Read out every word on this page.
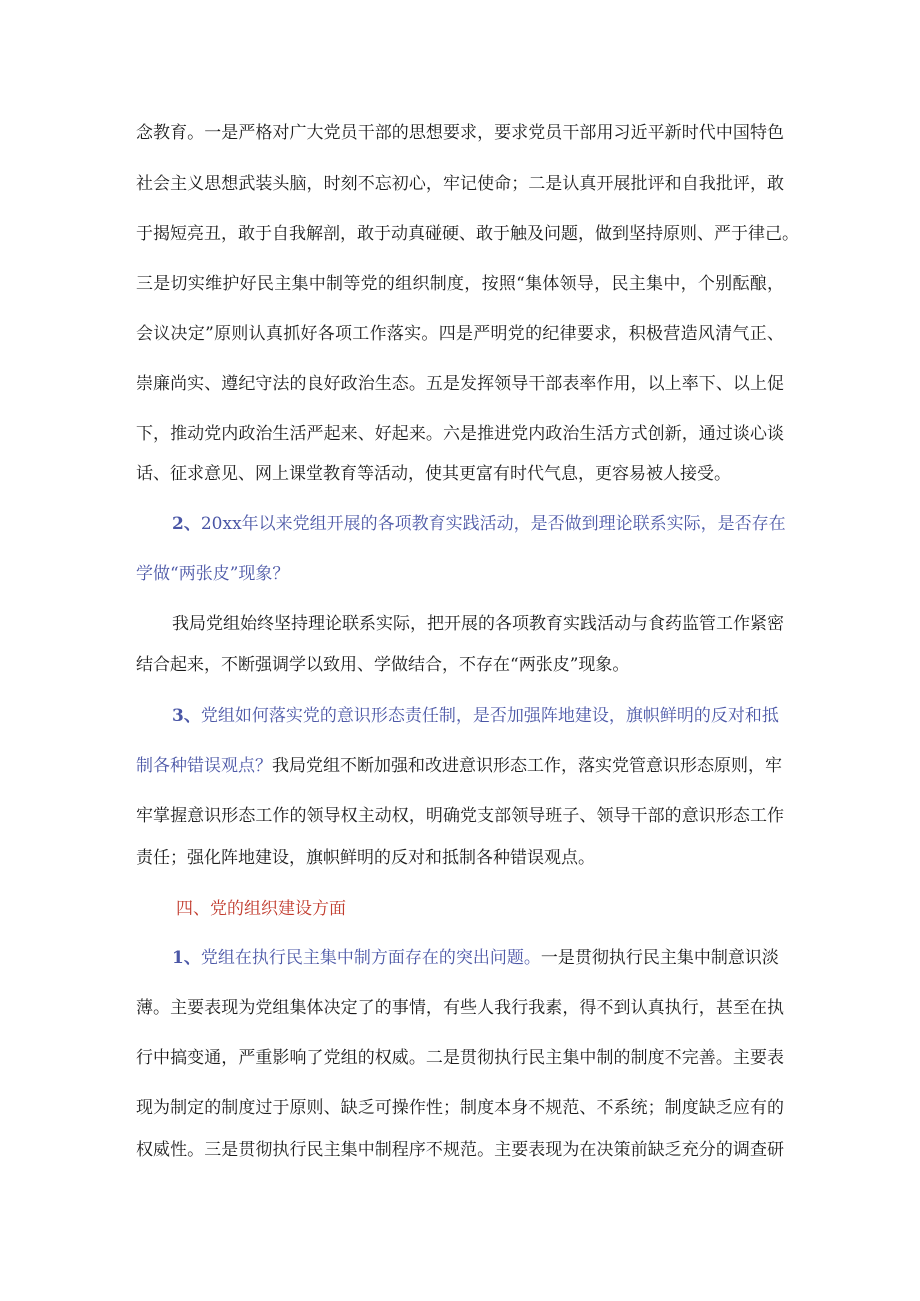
念教育。一是严格对广大党员干部的思想要求，要求党员干部用习近平新时代中国特色
社会主义思想武装头脑，时刻不忘初心，牢记使命；二是认真开展批评和自我批评，敢
于揭短亮丑，敢于自我解剖，敢于动真碰硬、敢于触及问题，做到坚持原则、严于律己。
三是切实维护好民主集中制等党的组织制度，按照“集体领导，民主集中，个别酝酿，
会议决定”原则认真抓好各项工作落实。四是严明党的纪律要求，积极营造风清气正、
崇廉尚实、遵纪守法的良好政治生态。五是发挥领导干部表率作用，以上率下、以上促
下，推动党内政治生活严起来、好起来。六是推进党内政治生活方式创新，通过谈心谈
话、征求意见、网上课堂教育等活动，使其更富有时代气息，更容易被人接受。
2、20xx年以来党组开展的各项教育实践活动，是否做到理论联系实际，是否存在
学做“两张皮”现象？
我局党组始终坚持理论联系实际，把开展的各项教育实践活动与食药监管工作紧密
结合起来，不断强调学以致用、学做结合，不存在“两张皮”现象。
3、党组如何落实党的意识形态责任制，是否加强阵地建设，旗帜鲜明的反对和抵
制各种错误观点？我局党组不断加强和改进意识形态工作，落实党管意识形态原则，牢
牢掌握意识形态工作的领导权主动权，明确党支部领导班子、领导干部的意识形态工作
责任；强化阵地建设，旗帜鲜明的反对和抵制各种错误观点。
四、党的组织建设方面
1、党组在执行民主集中制方面存在的突出问题。一是贯彻执行民主集中制意识淡
薄。主要表现为党组集体决定了的事情，有些人我行我素，得不到认真执行，甚至在执
行中搞变通，严重影响了党组的权威。二是贯彻执行民主集中制的制度不完善。主要表
现为制定的制度过于原则、缺乏可操作性；制度本身不规范、不系统；制度缺乏应有的
权威性。三是贯彻执行民主集中制程序不规范。主要表现为在决策前缺乏充分的调查研
